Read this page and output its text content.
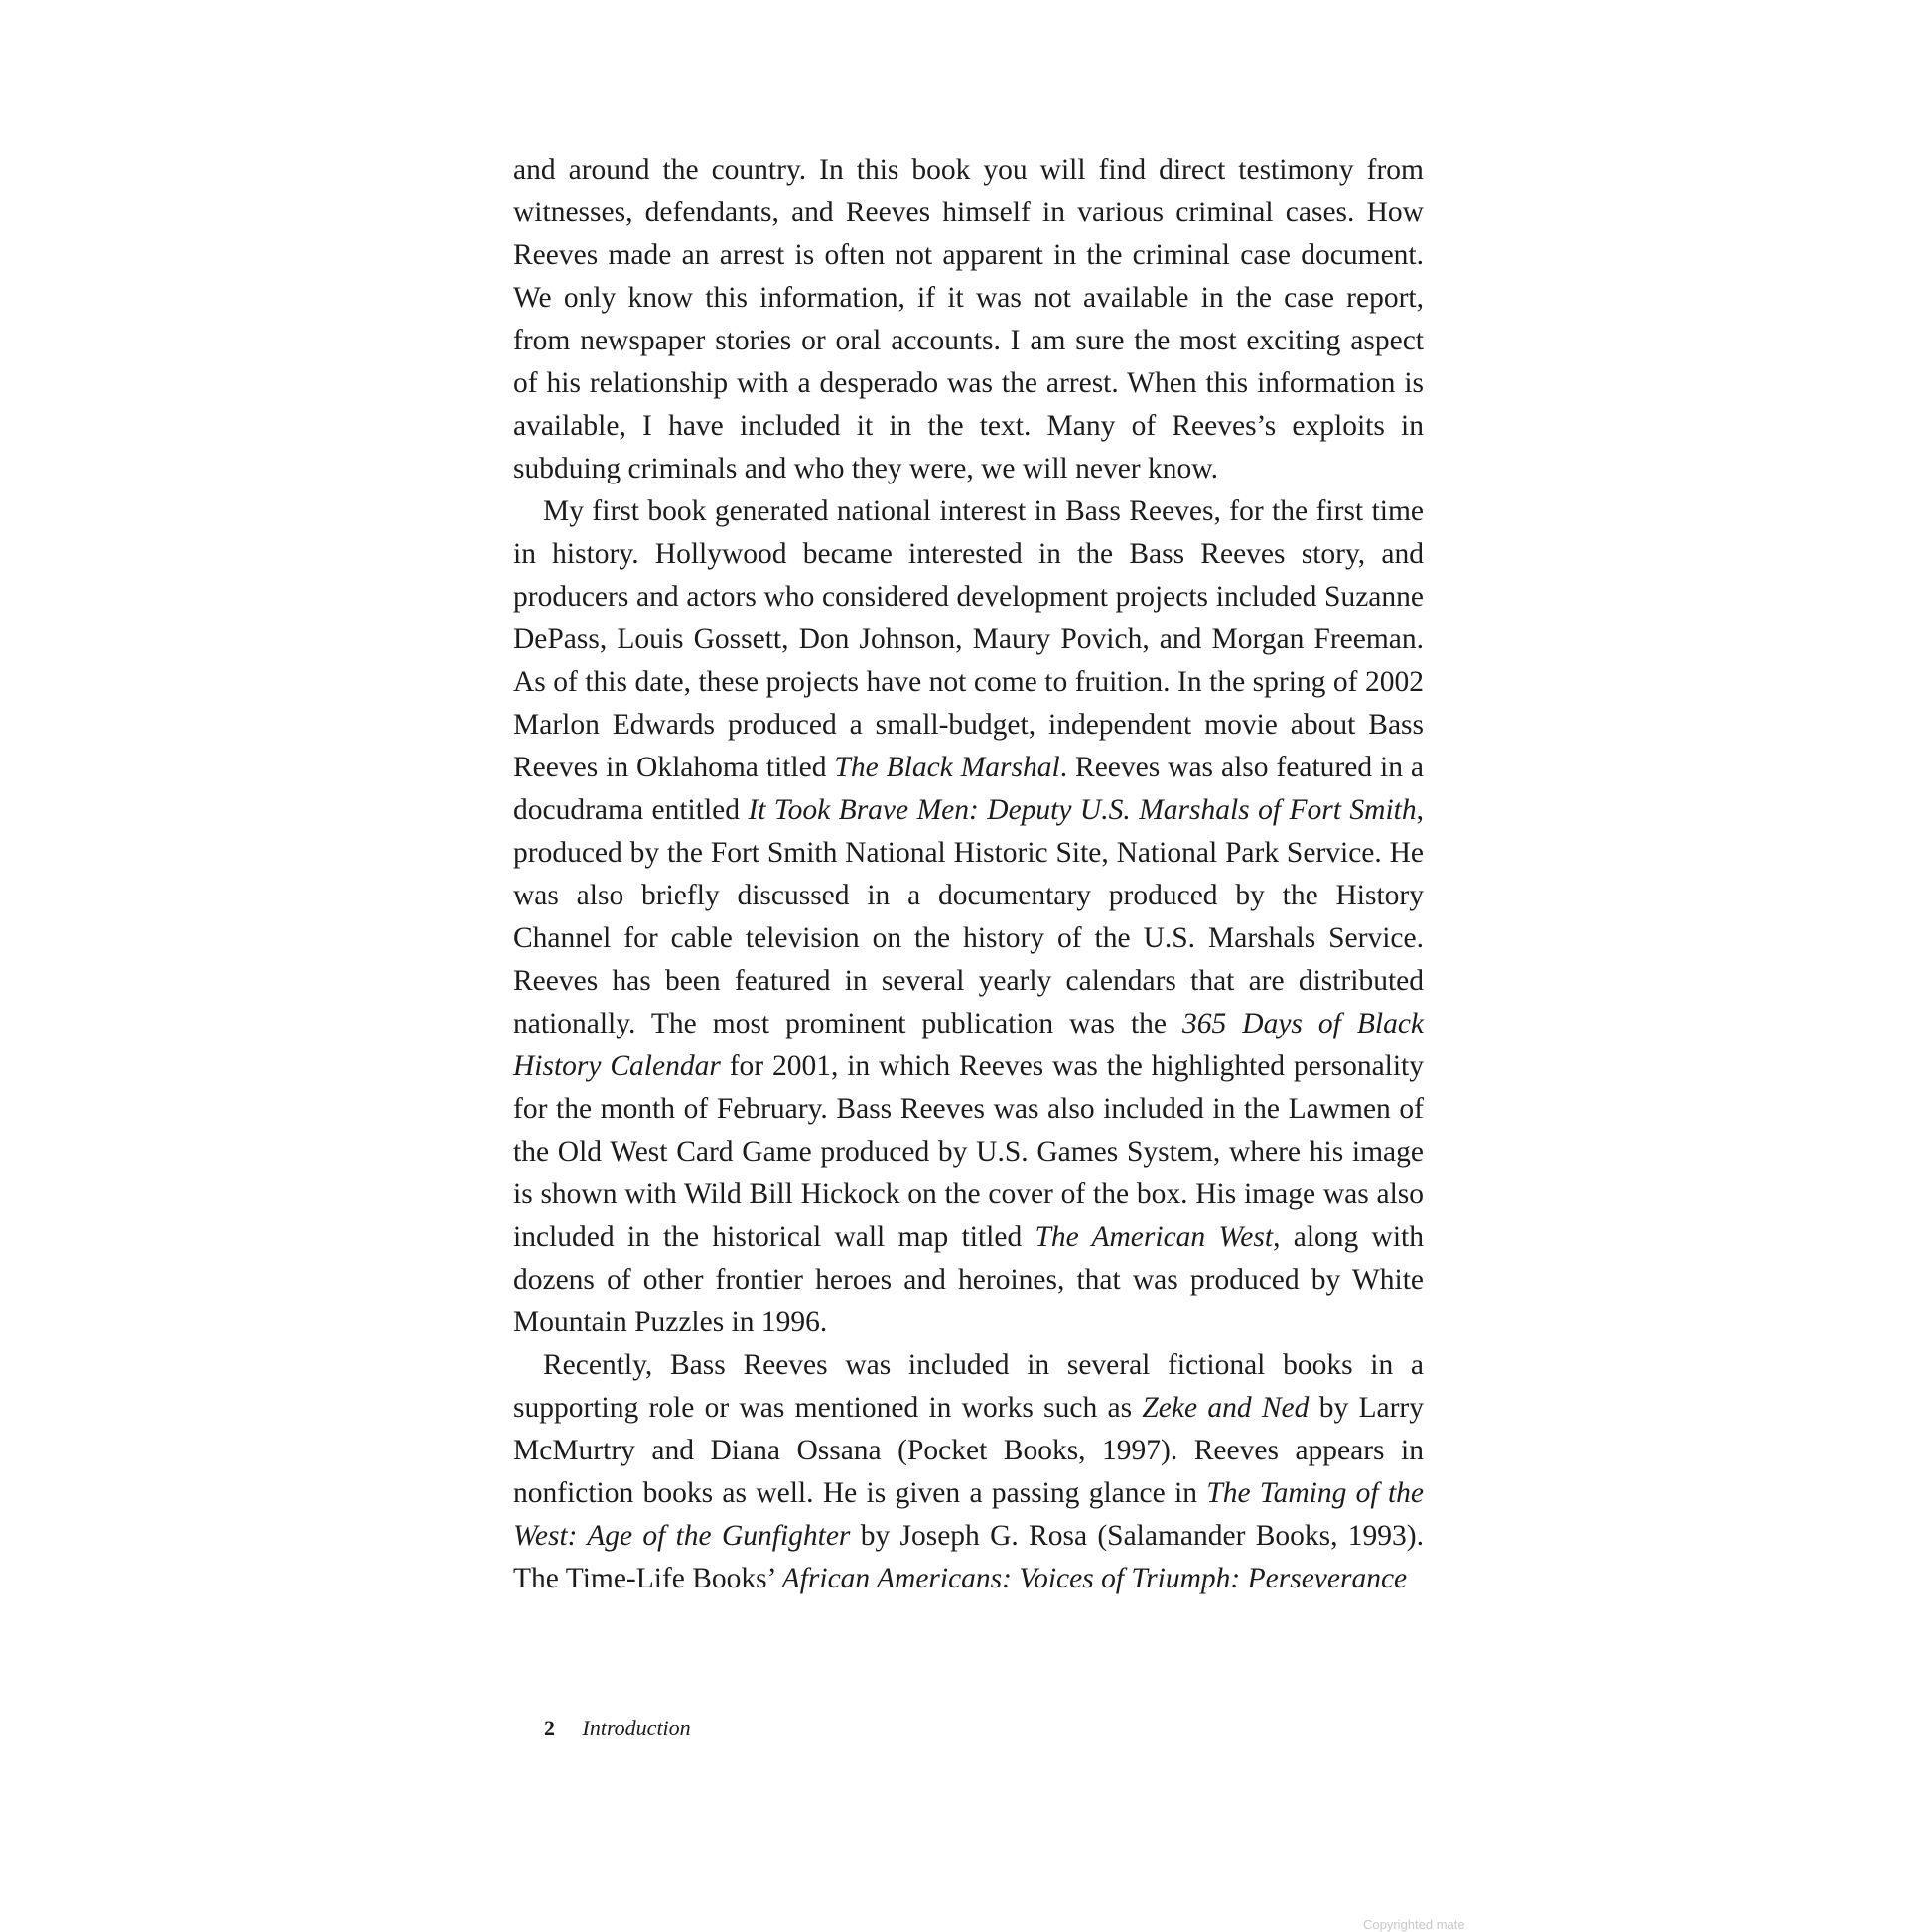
and around the country. In this book you will find direct testimony from witnesses, defendants, and Reeves himself in various criminal cases. How Reeves made an arrest is often not apparent in the criminal case document. We only know this information, if it was not available in the case report, from newspaper stories or oral accounts. I am sure the most exciting aspect of his relationship with a desperado was the arrest. When this information is available, I have included it in the text. Many of Reeves’s exploits in subduing criminals and who they were, we will never know.

My first book generated national interest in Bass Reeves, for the first time in history. Hollywood became interested in the Bass Reeves story, and producers and actors who considered development projects included Suzanne DePass, Louis Gossett, Don Johnson, Maury Povich, and Morgan Freeman. As of this date, these projects have not come to fruition. In the spring of 2002 Marlon Edwards produced a small-budget, independent movie about Bass Reeves in Oklahoma titled The Black Marshal. Reeves was also featured in a docudrama entitled It Took Brave Men: Deputy U.S. Marshals of Fort Smith, produced by the Fort Smith National Historic Site, National Park Service. He was also briefly discussed in a documentary produced by the History Channel for cable television on the history of the U.S. Marshals Service. Reeves has been featured in several yearly calendars that are distributed nationally. The most prominent publication was the 365 Days of Black History Calendar for 2001, in which Reeves was the highlighted personality for the month of February. Bass Reeves was also included in the Lawmen of the Old West Card Game produced by U.S. Games System, where his image is shown with Wild Bill Hickock on the cover of the box. His image was also included in the historical wall map titled The American West, along with dozens of other frontier heroes and heroines, that was produced by White Mountain Puzzles in 1996.

Recently, Bass Reeves was included in several fictional books in a supporting role or was mentioned in works such as Zeke and Ned by Larry McMurtry and Diana Ossana (Pocket Books, 1997). Reeves appears in nonfiction books as well. He is given a passing glance in The Taming of the West: Age of the Gunfighter by Joseph G. Rosa (Salamander Books, 1993). The Time-Life Books’ African Americans: Voices of Triumph: Perseverance

2 Introduction
Copyrighted mate
